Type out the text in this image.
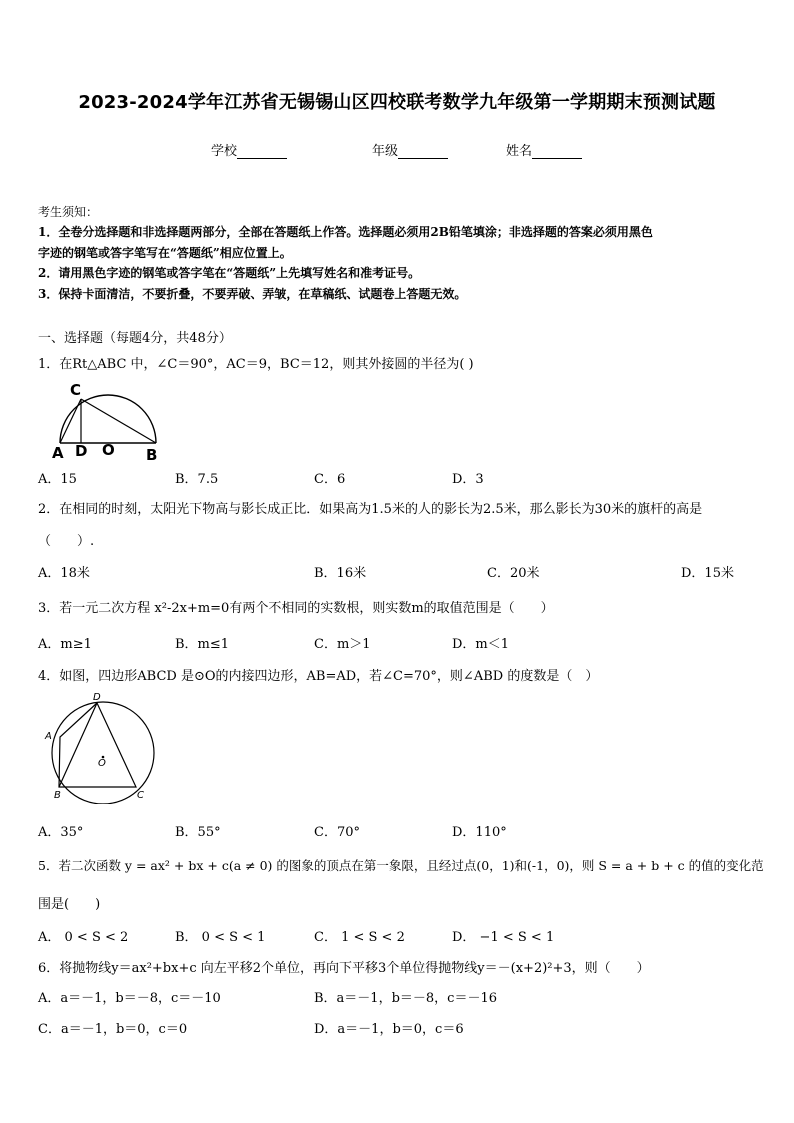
2023-2024学年江苏省无锡锡山区四校联考数学九年级第一学期期末预测试题
学校	年级	姓名
考生须知：
1．全卷分选择题和非选择题两部分，全部在答题纸上作答。选择题必须用2B铅笔填涂；非选择题的答案必须用黑色
字迹的钢笔或答字笔写在“答题纸”相应位置上。
2．请用黑色字迹的钢笔或答字笔在“答题纸”上先填写姓名和准考证号。
3．保持卡面清洁，不要折叠，不要弄破、弄皱，在草稿纸、试题卷上答题无效。
一、选择题（每题4分，共48分）
1．在Rt△ABC 中，∠C＝90°，AC＝9，BC＝12，则其外接圆的半径为( )
C
A D O B
A．15	B．7.5	C．6	D．3
2．在相同的时刻，太阳光下物高与影长成正比．如果高为1.5米的人的影长为2.5米，那么影长为30米的旗杆的高是
（　　）.
A．18米	B．16米	C．20米	D．15米
3．若一元二次方程 x²-2x+m=0有两个不相同的实数根，则实数m的取值范围是（　　）
A．m≥1	B．m≤1	C．m＞1	D．m＜1
4．如图，四边形ABCD 是⊙O的内接四边形，AB=AD，若∠C=70°，则∠ABD 的度数是（　）
D
A
O
B	C
A．35°	B．55°	C．70°	D．110°
5．若二次函数 y = ax² + bx + c(a ≠ 0) 的图象的顶点在第一象限，且经过点(0，1)和(-1，0)，则 S = a + b + c 的值的变化范
围是(　　)
A． 0 < S < 2	B． 0 < S < 1	C． 1 < S < 2	D． −1 < S < 1
6．将抛物线y＝ax²+bx+c 向左平移2个单位，再向下平移3个单位得抛物线y＝－(x+2)²+3，则（　　）
A．a＝－1，b＝－8，c＝－10	B．a＝－1，b＝－8，c＝－16
C．a＝－1，b＝0，c＝0	D．a＝－1，b＝0，c＝6
